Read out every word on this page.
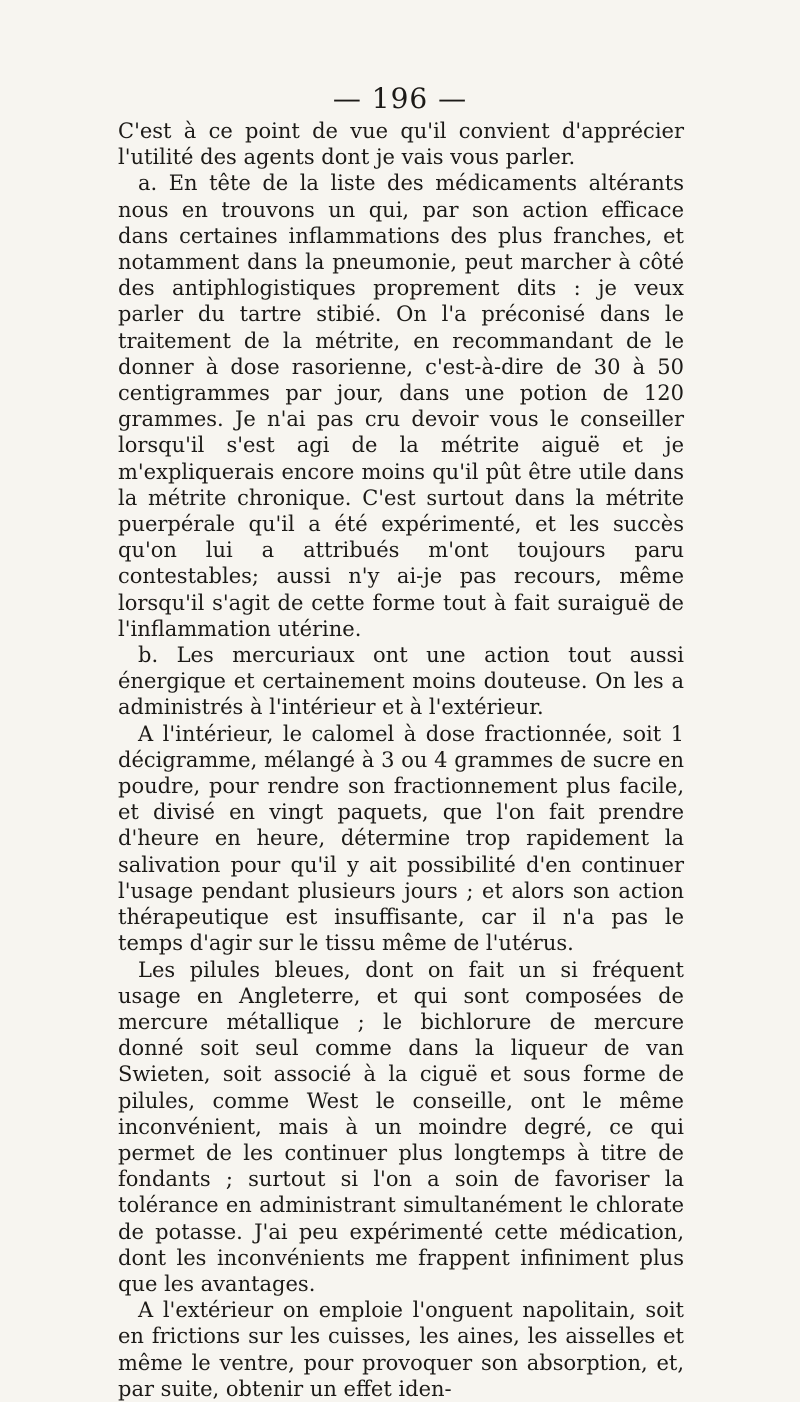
— 196 —

C'est à ce point de vue qu'il convient d'apprécier l'utilité des agents dont je vais vous parler.

a. En tête de la liste des médicaments altérants nous en trouvons un qui, par son action efficace dans certaines inflammations des plus franches, et notamment dans la pneumonie, peut marcher à côté des antiphlogistiques proprement dits : je veux parler du tartre stibié. On l'a préconisé dans le traitement de la métrite, en recommandant de le donner à dose rasorienne, c'est-à-dire de 30 à 50 centigrammes par jour, dans une potion de 120 grammes. Je n'ai pas cru devoir vous le conseiller lorsqu'il s'est agi de la métrite aiguë et je m'expliquerais encore moins qu'il pût être utile dans la métrite chronique. C'est surtout dans la métrite puerpérale qu'il a été expérimenté, et les succès qu'on lui a attribués m'ont toujours paru contestables; aussi n'y ai-je pas recours, même lorsqu'il s'agit de cette forme tout à fait suraiguë de l'inflammation utérine.

b. Les mercuriaux ont une action tout aussi énergique et certainement moins douteuse. On les a administrés à l'intérieur et à l'extérieur.

A l'intérieur, le calomel à dose fractionnée, soit 1 décigramme, mélangé à 3 ou 4 grammes de sucre en poudre, pour rendre son fractionnement plus facile, et divisé en vingt paquets, que l'on fait prendre d'heure en heure, détermine trop rapidement la salivation pour qu'il y ait possibilité d'en continuer l'usage pendant plusieurs jours ; et alors son action thérapeutique est insuffisante, car il n'a pas le temps d'agir sur le tissu même de l'utérus.

Les pilules bleues, dont on fait un si fréquent usage en Angleterre, et qui sont composées de mercure métallique ; le bichlorure de mercure donné soit seul comme dans la liqueur de van Swieten, soit associé à la ciguë et sous forme de pilules, comme West le conseille, ont le même inconvénient, mais à un moindre degré, ce qui permet de les continuer plus longtemps à titre de fondants ; surtout si l'on a soin de favoriser la tolérance en administrant simultanément le chlorate de potasse. J'ai peu expérimenté cette médication, dont les inconvénients me frappent infiniment plus que les avantages.

A l'extérieur on emploie l'onguent napolitain, soit en frictions sur les cuisses, les aines, les aisselles et même le ventre, pour provoquer son absorption, et, par suite, obtenir un effet iden-
